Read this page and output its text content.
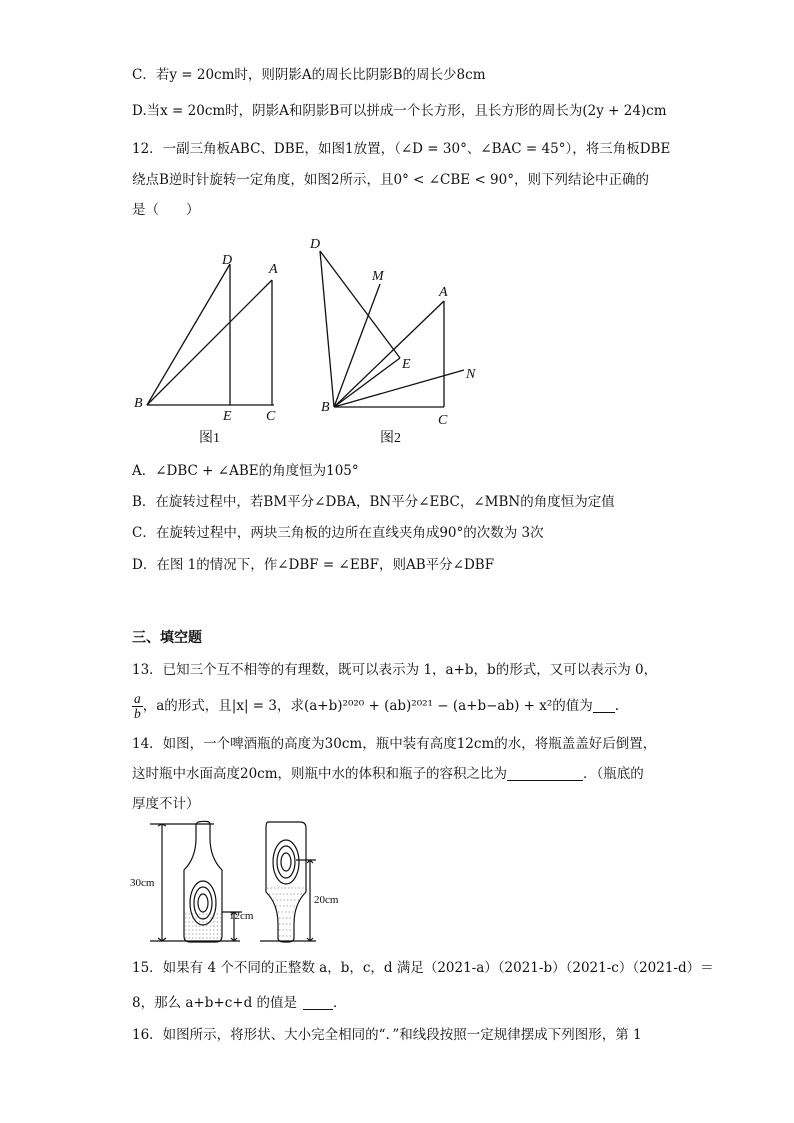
C．若y = 20cm时，则阴影A的周长比阴影B的周长少8cm
D.当x = 20cm时，阴影A和阴影B可以拼成一个长方形，且长方形的周长为(2y + 24)cm
12．一副三角板ABC、DBE，如图1放置，（∠D = 30°、∠BAC = 45°），将三角板DBE
绕点B逆时针旋转一定角度，如图2所示，且0° < ∠CBE < 90°，则下列结论中正确的
是（　　）
D
A
B
E C
图1
D
M
A
E
N
B
C
图2
A．∠DBC + ∠ABE的角度恒为105°
B．在旋转过程中，若BM平分∠DBA，BN平分∠EBC，∠MBN的角度恒为定值
C．在旋转过程中，两块三角板的边所在直线夹角成90°的次数为 3次
D．在图 1的情况下，作∠DBF = ∠EBF，则AB平分∠DBF
三、填空题
13．已知三个互不相等的有理数，既可以表示为 1，a+b，b的形式，又可以表示为 0，
$\frac{a}{b}$ ，a的形式，且|x| = 3，求(a+b)²⁰²⁰ + (ab)²⁰²¹ − (a+b−ab) + x²的值为 .
14．如图，一个啤酒瓶的高度为30cm，瓶中装有高度12cm的水，将瓶盖盖好后倒置，
这时瓶中水面高度20cm，则瓶中水的体积和瓶子的容积之比为	．（瓶底的
厚度不计）
30cm
12cm
20cm
15．如果有 4 个不同的正整数 a，b，c，d 满足（2021-a）（2021-b）（2021-c）（2021-d）＝
8，那么 a+b+c+d 的值是	．
16．如图所示，将形状、大小完全相同的“．”和线段按照一定规律摆成下列图形，第 1
